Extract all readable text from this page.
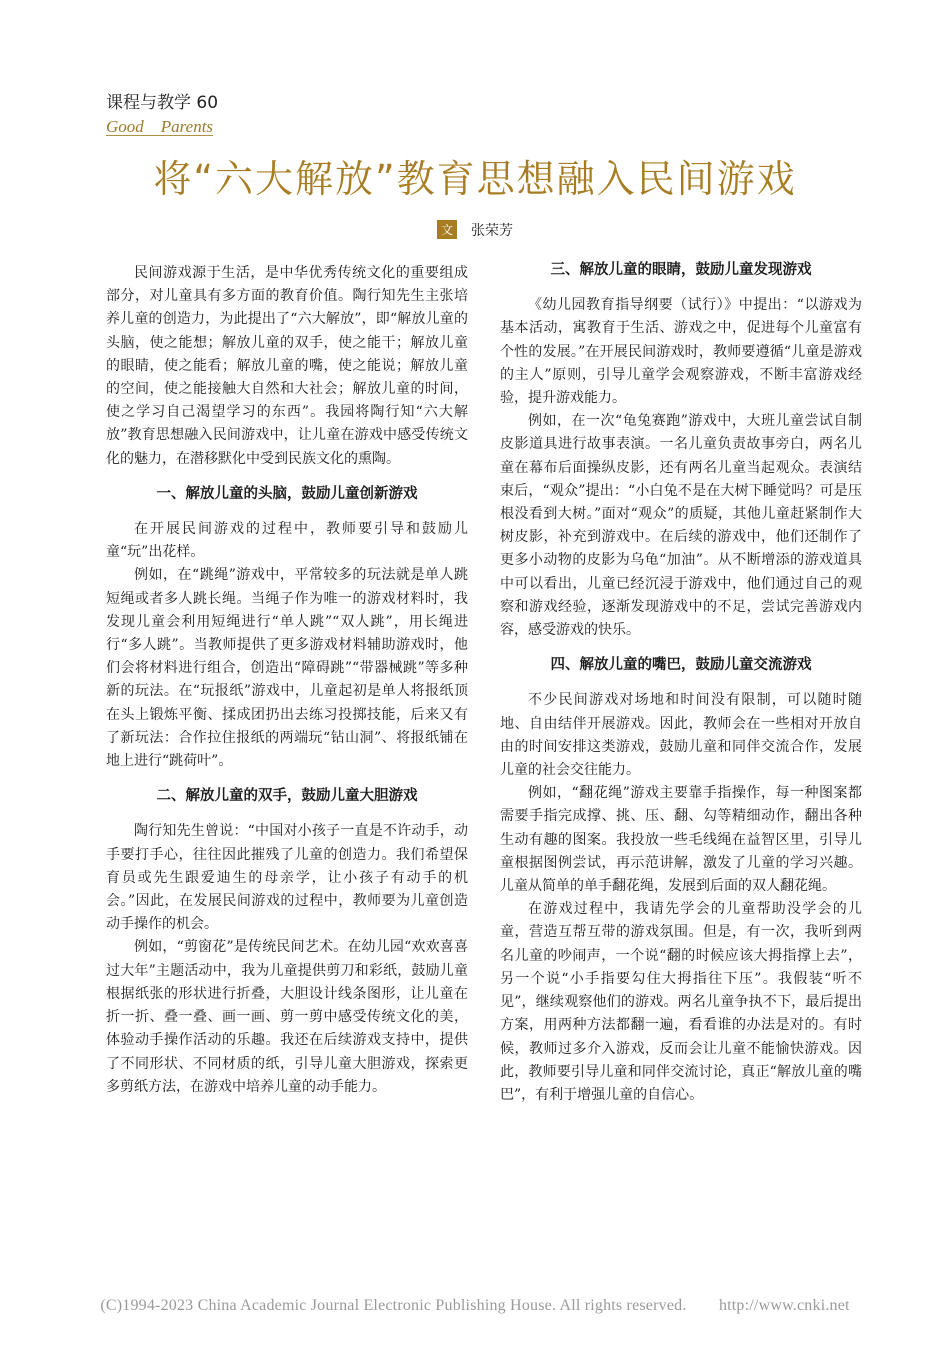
课程与教学 60
Good　Parents
将“六大解放”教育思想融入民间游戏
文 张荣芳

民间游戏源于生活，是中华优秀传统文化的重要组成部分，对儿童具有多方面的教育价值。陶行知先生主张培养儿童的创造力，为此提出了“六大解放”，即“解放儿童的头脑，使之能想；解放儿童的双手，使之能干；解放儿童的眼睛，使之能看；解放儿童的嘴，使之能说；解放儿童的空间，使之能接触大自然和大社会；解放儿童的时间，使之学习自己渴望学习的东西”。我园将陶行知“六大解放”教育思想融入民间游戏中，让儿童在游戏中感受传统文化的魅力，在潜移默化中受到民族文化的熏陶。

一、解放儿童的头脑，鼓励儿童创新游戏

在开展民间游戏的过程中，教师要引导和鼓励儿童“玩”出花样。

例如，在“跳绳”游戏中，平常较多的玩法就是单人跳短绳或者多人跳长绳。当绳子作为唯一的游戏材料时，我发现儿童会利用短绳进行“单人跳”“双人跳”，用长绳进行“多人跳”。当教师提供了更多游戏材料辅助游戏时，他们会将材料进行组合，创造出“障碍跳”“带器械跳”等多种新的玩法。在“玩报纸”游戏中，儿童起初是单人将报纸顶在头上锻炼平衡、揉成团扔出去练习投掷技能，后来又有了新玩法：合作拉住报纸的两端玩“钻山洞”、将报纸铺在地上进行“跳荷叶”。

二、解放儿童的双手，鼓励儿童大胆游戏

陶行知先生曾说：“中国对小孩子一直是不许动手，动手要打手心，往往因此摧残了儿童的创造力。我们希望保育员或先生跟爱迪生的母亲学，让小孩子有动手的机会。”因此，在发展民间游戏的过程中，教师要为儿童创造动手操作的机会。

例如，“剪窗花”是传统民间艺术。在幼儿园“欢欢喜喜过大年”主题活动中，我为儿童提供剪刀和彩纸，鼓励儿童根据纸张的形状进行折叠，大胆设计线条图形，让儿童在折一折、叠一叠、画一画、剪一剪中感受传统文化的美，体验动手操作活动的乐趣。我还在后续游戏支持中，提供了不同形状、不同材质的纸，引导儿童大胆游戏，探索更多剪纸方法，在游戏中培养儿童的动手能力。

三、解放儿童的眼睛，鼓励儿童发现游戏

《幼儿园教育指导纲要（试行）》中提出：“以游戏为基本活动，寓教育于生活、游戏之中，促进每个儿童富有个性的发展。”在开展民间游戏时，教师要遵循“儿童是游戏的主人”原则，引导儿童学会观察游戏，不断丰富游戏经验，提升游戏能力。

例如，在一次“龟兔赛跑”游戏中，大班儿童尝试自制皮影道具进行故事表演。一名儿童负责故事旁白，两名儿童在幕布后面操纵皮影，还有两名儿童当起观众。表演结束后，“观众”提出：“小白兔不是在大树下睡觉吗？可是压根没看到大树。”面对“观众”的质疑，其他儿童赶紧制作大树皮影，补充到游戏中。在后续的游戏中，他们还制作了更多小动物的皮影为乌龟“加油”。从不断增添的游戏道具中可以看出，儿童已经沉浸于游戏中，他们通过自己的观察和游戏经验，逐渐发现游戏中的不足，尝试完善游戏内容，感受游戏的快乐。

四、解放儿童的嘴巴，鼓励儿童交流游戏

不少民间游戏对场地和时间没有限制，可以随时随地、自由结伴开展游戏。因此，教师会在一些相对开放自由的时间安排这类游戏，鼓励儿童和同伴交流合作，发展儿童的社会交往能力。

例如，“翻花绳”游戏主要靠手指操作，每一种图案都需要手指完成撑、挑、压、翻、勾等精细动作，翻出各种生动有趣的图案。我投放一些毛线绳在益智区里，引导儿童根据图例尝试，再示范讲解，激发了儿童的学习兴趣。儿童从简单的单手翻花绳，发展到后面的双人翻花绳。

在游戏过程中，我请先学会的儿童帮助没学会的儿童，营造互帮互带的游戏氛围。但是，有一次，我听到两名儿童的吵闹声，一个说“翻的时候应该大拇指撑上去”，另一个说“小手指要勾住大拇指往下压”。我假装“听不见”，继续观察他们的游戏。两名儿童争执不下，最后提出方案，用两种方法都翻一遍，看看谁的办法是对的。有时候，教师过多介入游戏，反而会让儿童不能愉快游戏。因此，教师要引导儿童和同伴交流讨论，真正“解放儿童的嘴巴”，有利于增强儿童的自信心。

(C)1994-2023 China Academic Journal Electronic Publishing House. All rights reserved.　　http://www.cnki.net
